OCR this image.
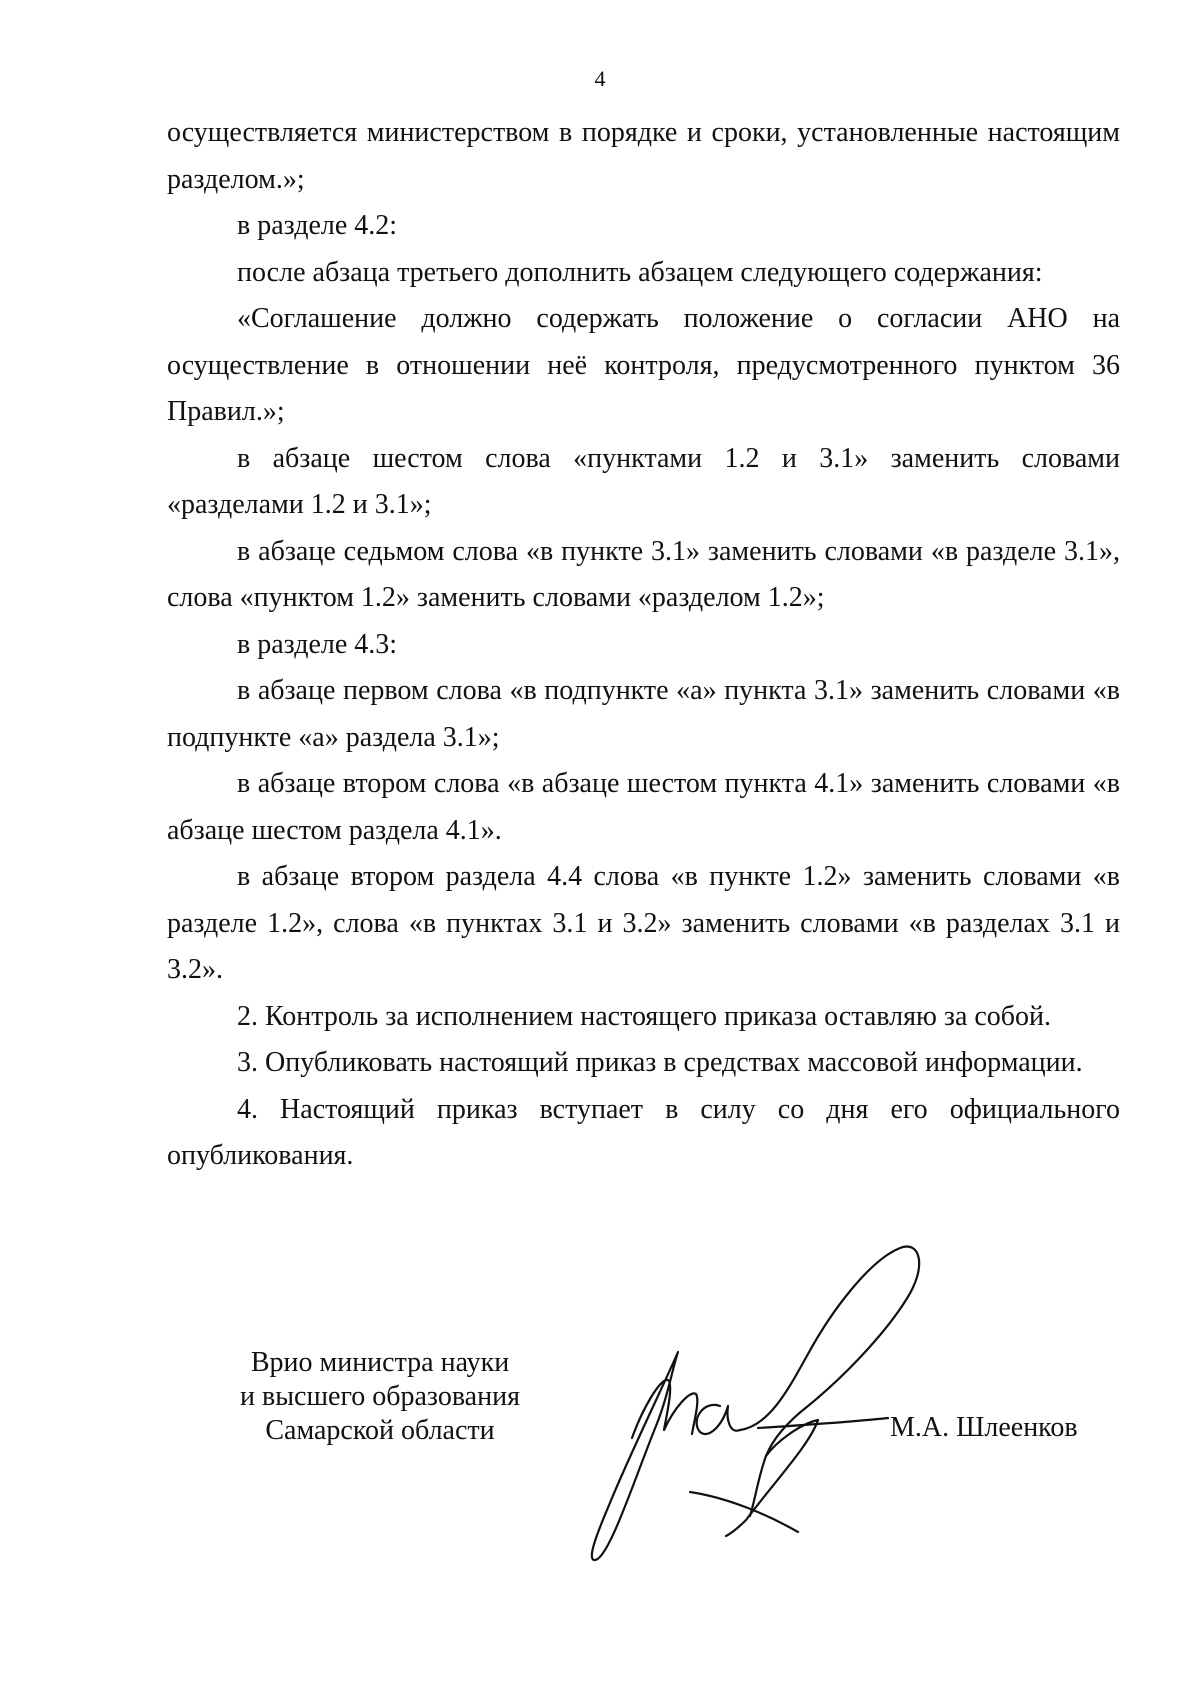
4

осуществляется министерством в порядке и сроки, установленные настоящим разделом.»;

в разделе 4.2:

после абзаца третьего дополнить абзацем следующего содержания:

«Соглашение должно содержать положение о согласии АНО на осуществление в отношении неё контроля, предусмотренного пунктом 36 Правил.»;

в абзаце шестом слова «пунктами 1.2 и 3.1» заменить словами «разделами 1.2 и 3.1»;

в абзаце седьмом слова «в пункте 3.1» заменить словами «в разделе 3.1», слова «пунктом 1.2» заменить словами «разделом 1.2»;

в разделе 4.3:

в абзаце первом слова «в подпункте «а» пункта 3.1» заменить словами «в подпункте «а» раздела 3.1»;

в абзаце втором слова «в абзаце шестом пункта 4.1» заменить словами «в абзаце шестом раздела 4.1».

в абзаце втором раздела 4.4 слова «в пункте 1.2» заменить словами «в разделе 1.2», слова «в пунктах 3.1 и 3.2» заменить словами «в разделах 3.1 и 3.2».

2. Контроль за исполнением настоящего приказа оставляю за собой.

3. Опубликовать настоящий приказ в средствах массовой информации.

4. Настоящий приказ вступает в силу со дня его официального опубликования.

Врио министра науки
и высшего образования
Самарской области	М.А. Шлеенков
